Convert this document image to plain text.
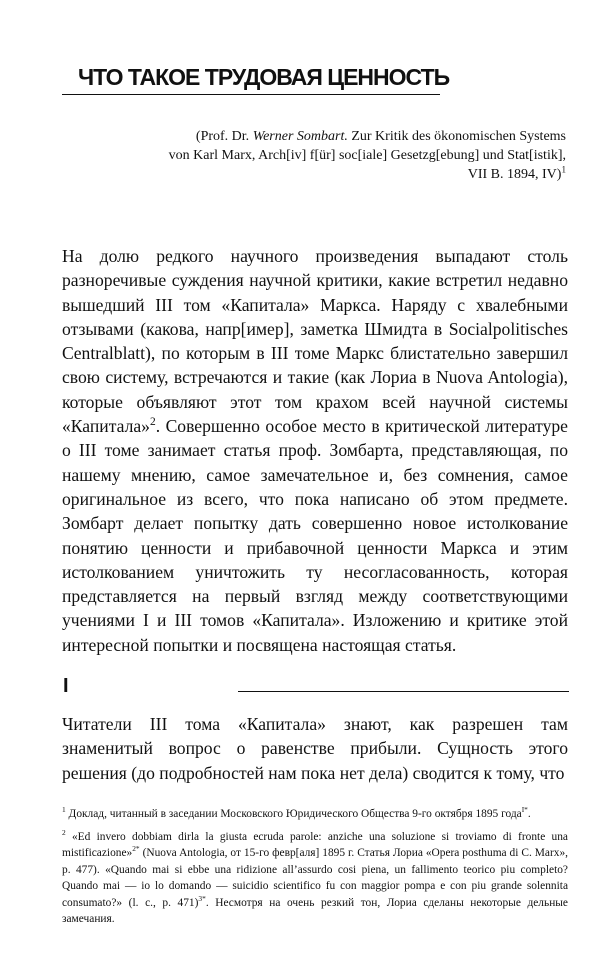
ЧТО ТАКОЕ ТРУДОВАЯ ЦЕННОСТЬ
(Prof. Dr. Werner Sombart. Zur Kritik des ökonomischen Systems
von Karl Marx, Arch[iv] f[ür] soc[iale] Gesetzg[ebung] und Stat[istik],
VII B. 1894, IV)$^1$
На долю редкого научного произведения выпадают столь разноречивые суждения научной критики, какие встретил недавно вышедший III том «Капитала» Маркса. Наряду с хвалебными отзывами (какова, напр[имер], заметка Шмидта в Socialpolitisches Centralblatt), по которым в III томе Маркс блистательно завершил свою систему, встречаются и такие (как Лориа в Nuova Antologia), которые объявляют этот том крахом всей научной системы «Капитала»$^2$. Совершенно особое место в критической литературе о III томе занимает статья проф. Зомбарта, представляющая, по нашему мнению, самое замечательное и, без сомнения, самое оригинальное из всего, что пока написано об этом предмете. Зомбарт делает попытку дать совершенно новое истолкование понятию ценности и прибавочной ценности Маркса и этим истолкованием уничтожить ту несогласованность, которая представляется на первый взгляд между соответствующими учениями I и III томов «Капитала». Изложению и критике этой интересной попытки и посвящена настоящая статья.
I
Читатели III тома «Капитала» знают, как разрешен там знаменитый вопрос о равенстве прибыли. Сущность этого решения (до подробностей нам пока нет дела) сводится к тому, что
$^1$ Доклад, читанный в заседании Московского Юридического Общества 9-го октября 1895 года$^{I*}$.
$^2$ «Ed invero dobbiam dirla la giusta ecruda parole: anziche una soluzione si troviamo di fronte una mistificazione»$^{2*}$ (Nuova Antologia, от 15-го февр[аля] 1895 г. Статья Лориа «Opera posthuma di C. Marx», p. 477). «Quando mai si ebbe una ridizione all’assurdo cosi piena, un fallimento teorico piu completo? Quando mai — io lo domando — suicidio scientifico fu con maggior pompa e con piu grande solennita consumato?» (l. c., p. 471)$^{3*}$. Несмотря на очень резкий тон, Лориа сделаны некоторые дельные замечания.
